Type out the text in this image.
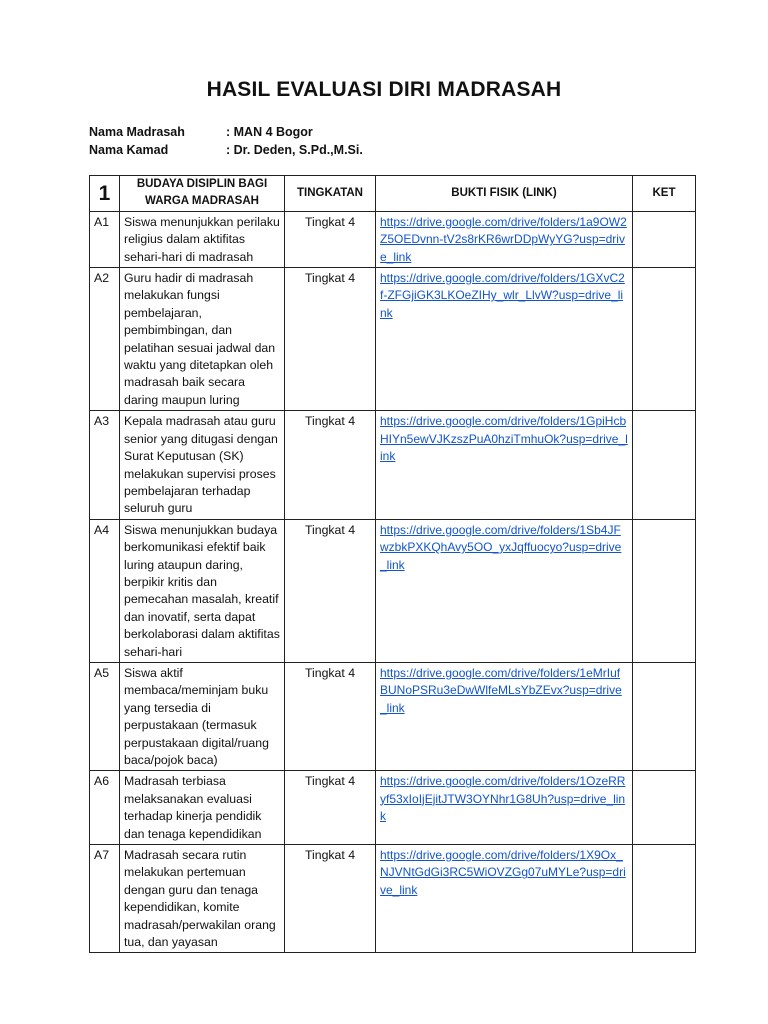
HASIL EVALUASI DIRI MADRASAH
Nama Madrasah	: MAN 4 Bogor
Nama Kamad	: Dr. Deden, S.Pd.,M.Si.
1	BUDAYA DISIPLIN BAGI WARGA MADRASAH	TINGKATAN	BUKTI FISIK (LINK)	KET
A1	Siswa menunjukkan perilaku religius dalam aktifitas sehari-hari di madrasah	Tingkat 4	https://drive.google.com/drive/folders/1a9OW2Z5OEDvnn-tV2s8rKR6wrDDpWyYG?usp=drive_link	
A2	Guru hadir di madrasah melakukan fungsi pembelajaran, pembimbingan, dan pelatihan sesuai jadwal dan waktu yang ditetapkan oleh madrasah baik secara daring maupun luring	Tingkat 4	https://drive.google.com/drive/folders/1GXvC2f-ZFGjiGK3LKOeZIHy_wlr_LlvW?usp=drive_link	
A3	Kepala madrasah atau guru senior yang ditugasi dengan Surat Keputusan (SK) melakukan supervisi proses pembelajaran terhadap seluruh guru	Tingkat 4	https://drive.google.com/drive/folders/1GpiHcbHIYn5ewVJKzszPuA0hziTmhuOk?usp=drive_link	
A4	Siswa menunjukkan budaya berkomunikasi efektif baik luring ataupun daring, berpikir kritis dan pemecahan masalah, kreatif dan inovatif, serta dapat berkolaborasi dalam aktifitas sehari-hari	Tingkat 4	https://drive.google.com/drive/folders/1Sb4JFwzbkPXKQhAvy5OO_yxJqffuocyo?usp=drive_link	
A5	Siswa aktif membaca/meminjam buku yang tersedia di perpustakaan (termasuk perpustakaan digital/ruang baca/pojok baca)	Tingkat 4	https://drive.google.com/drive/folders/1eMrIufBUNoPSRu3eDwWlfeMLsYbZEvx?usp=drive_link	
A6	Madrasah terbiasa melaksanakan evaluasi terhadap kinerja pendidik dan tenaga kependidikan	Tingkat 4	https://drive.google.com/drive/folders/1OzeRRyf53xIoIjEjitJTW3OYNhr1G8Uh?usp=drive_link	
A7	Madrasah secara rutin melakukan pertemuan dengan guru dan tenaga kependidikan, komite madrasah/perwakilan orang tua, dan yayasan	Tingkat 4	https://drive.google.com/drive/folders/1X9Ox_NJVNtGdGi3RC5WiOVZGg07uMYLe?usp=drive_link	
